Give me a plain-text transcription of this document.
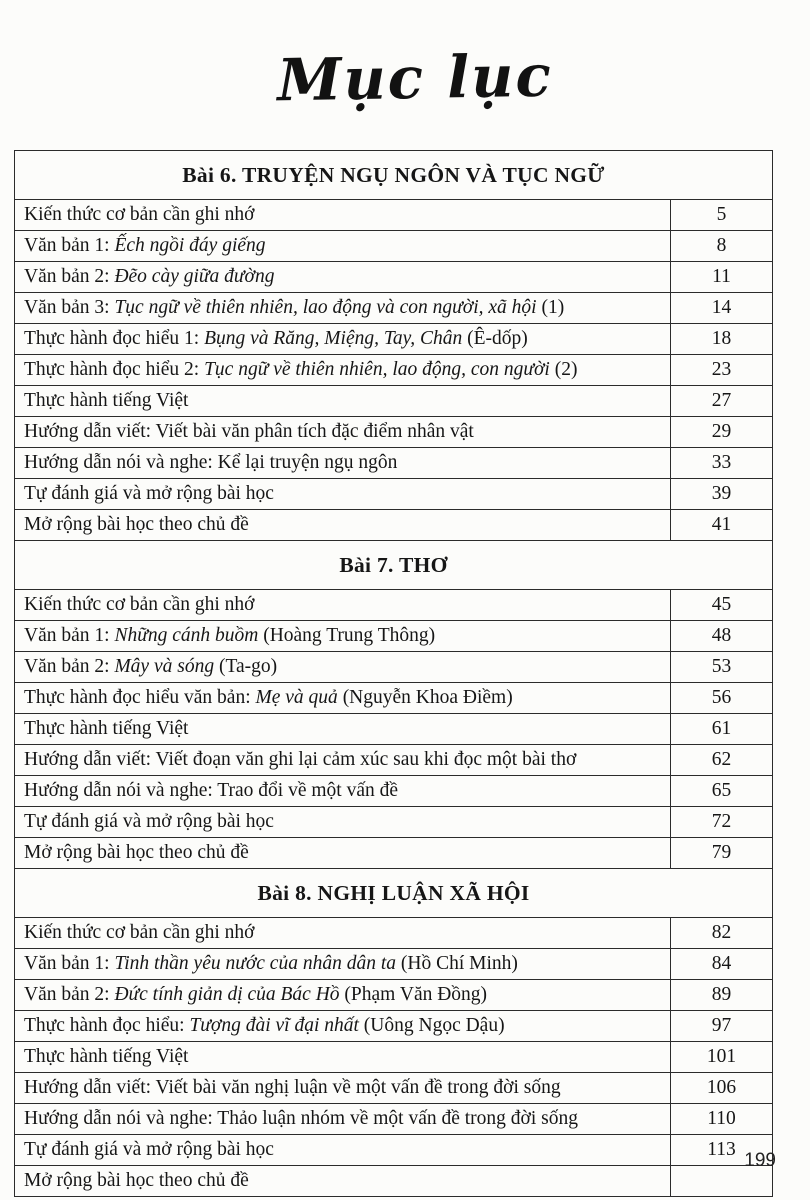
Mục lục
Bài 6. TRUYỆN NGỤ NGÔN VÀ TỤC NGỮ	
Kiến thức cơ bản cần ghi nhớ	5
Văn bản 1: Ếch ngồi đáy giếng	8
Văn bản 2: Đẽo cày giữa đường	11
Văn bản 3: Tục ngữ về thiên nhiên, lao động và con người, xã hội (1)	14
Thực hành đọc hiểu 1: Bụng và Răng, Miệng, Tay, Chân (Ê-dốp)	18
Thực hành đọc hiểu 2: Tục ngữ về thiên nhiên, lao động, con người (2)	23
Thực hành tiếng Việt	27
Hướng dẫn viết: Viết bài văn phân tích đặc điểm nhân vật	29
Hướng dẫn nói và nghe: Kể lại truyện ngụ ngôn	33
Tự đánh giá và mở rộng bài học	39
Mở rộng bài học theo chủ đề	41
Bài 7. THƠ	
Kiến thức cơ bản cần ghi nhớ	45
Văn bản 1: Những cánh buồm (Hoàng Trung Thông)	48
Văn bản 2: Mây và sóng (Ta-go)	53
Thực hành đọc hiểu văn bản: Mẹ và quả (Nguyễn Khoa Điềm)	56
Thực hành tiếng Việt	61
Hướng dẫn viết: Viết đoạn văn ghi lại cảm xúc sau khi đọc một bài thơ	62
Hướng dẫn nói và nghe: Trao đổi về một vấn đề	65
Tự đánh giá và mở rộng bài học	72
Mở rộng bài học theo chủ đề	79
Bài 8. NGHỊ LUẬN XÃ HỘI	
Kiến thức cơ bản cần ghi nhớ	82
Văn bản 1: Tinh thần yêu nước của nhân dân ta (Hồ Chí Minh)	84
Văn bản 2: Đức tính giản dị của Bác Hồ (Phạm Văn Đồng)	89
Thực hành đọc hiểu: Tượng đài vĩ đại nhất (Uông Ngọc Dậu)	97
Thực hành tiếng Việt	101
Hướng dẫn viết: Viết bài văn nghị luận về một vấn đề trong đời sống	106
Hướng dẫn nói và nghe: Thảo luận nhóm về một vấn đề trong đời sống	110
Tự đánh giá và mở rộng bài học	113
Mở rộng bài học theo chủ đề	
199
